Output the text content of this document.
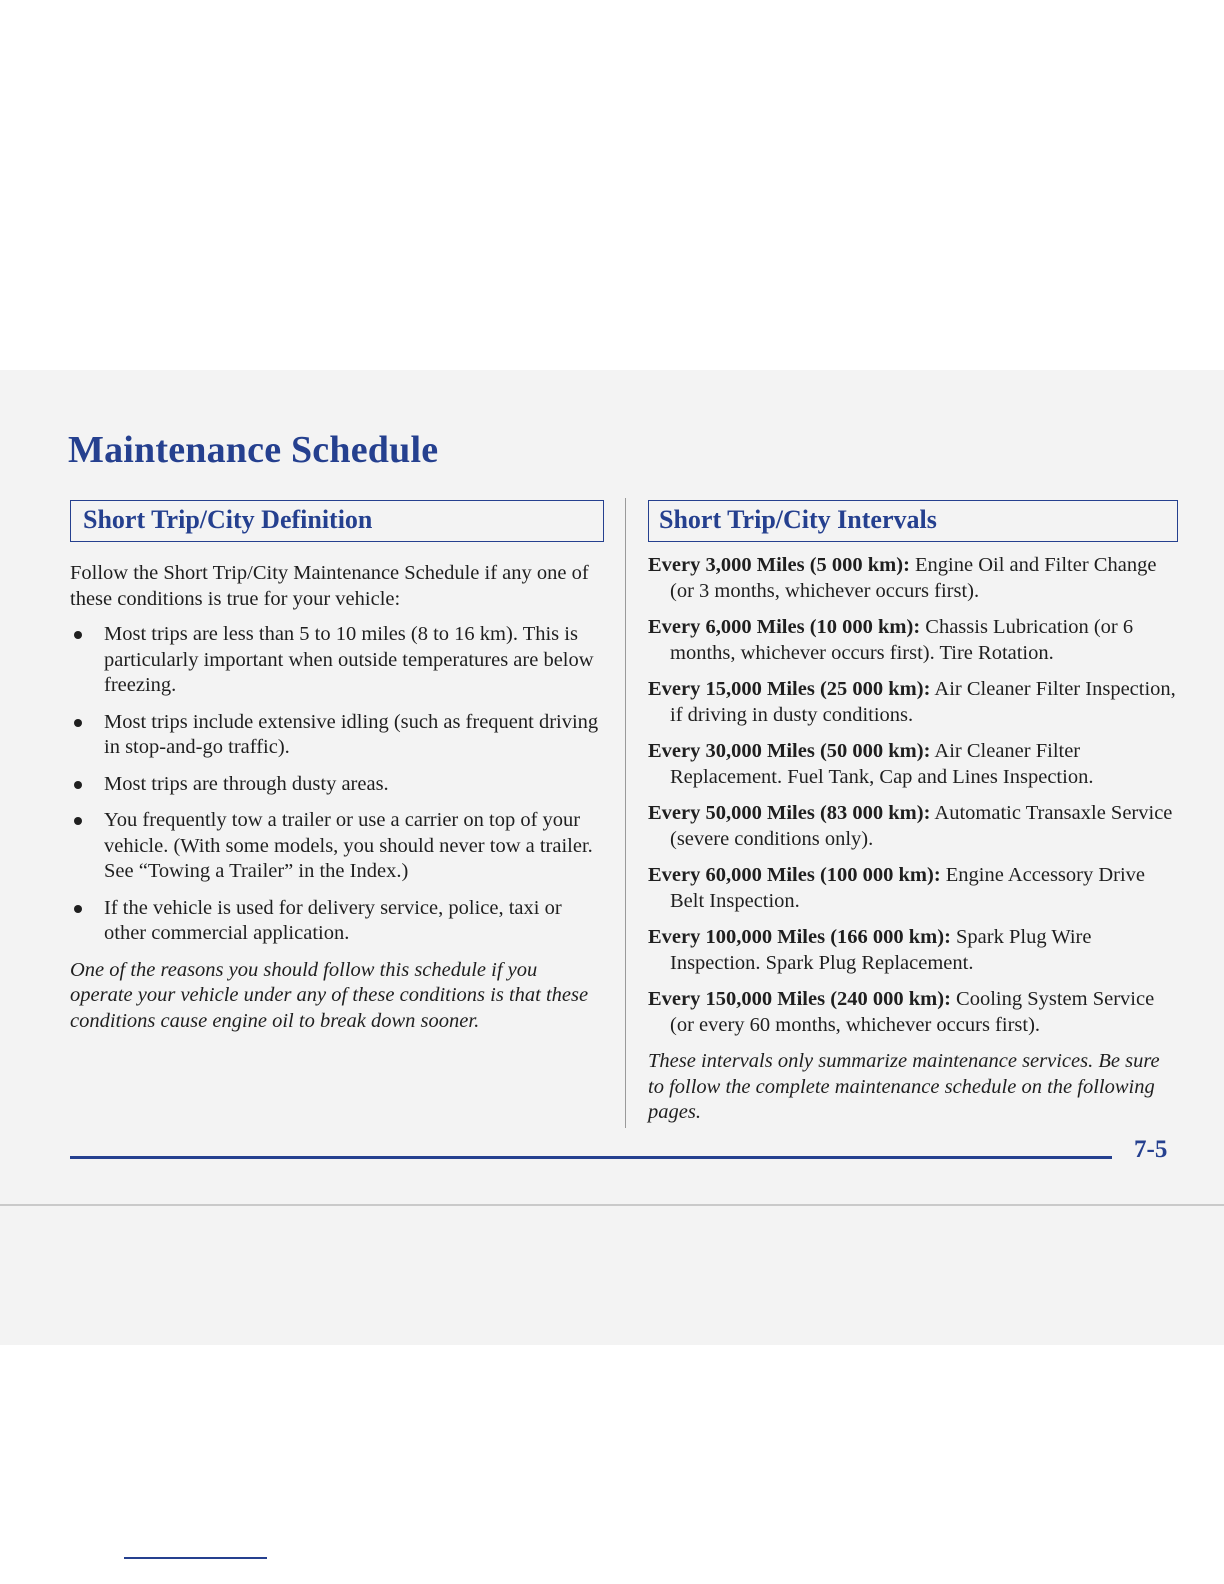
Maintenance Schedule
Short Trip/City Definition

Follow the Short Trip/City Maintenance Schedule if any one of these conditions is true for your vehicle:

Most trips are less than 5 to 10 miles (8 to 16 km). This is particularly important when outside temperatures are below freezing.
Most trips include extensive idling (such as frequent driving in stop-and-go traffic).
Most trips are through dusty areas.
You frequently tow a trailer or use a carrier on top of your vehicle. (With some models, you should never tow a trailer. See “Towing a Trailer” in the Index.)
If the vehicle is used for delivery service, police, taxi or other commercial application.

One of the reasons you should follow this schedule if you operate your vehicle under any of these conditions is that these conditions cause engine oil to break down sooner.

Short Trip/City Intervals

Every 3,000 Miles (5 000 km): Engine Oil and Filter Change (or 3 months, whichever occurs first).

Every 6,000 Miles (10 000 km): Chassis Lubrication (or 6 months, whichever occurs first). Tire Rotation.

Every 15,000 Miles (25 000 km): Air Cleaner Filter Inspection, if driving in dusty conditions.

Every 30,000 Miles (50 000 km): Air Cleaner Filter Replacement. Fuel Tank, Cap and Lines Inspection.

Every 50,000 Miles (83 000 km): Automatic Transaxle Service (severe conditions only).

Every 60,000 Miles (100 000 km): Engine Accessory Drive Belt Inspection.

Every 100,000 Miles (166 000 km): Spark Plug Wire Inspection. Spark Plug Replacement.

Every 150,000 Miles (240 000 km): Cooling System Service (or every 60 months, whichever occurs first).

These intervals only summarize maintenance services. Be sure to follow the complete maintenance schedule on the following pages.

7-5
